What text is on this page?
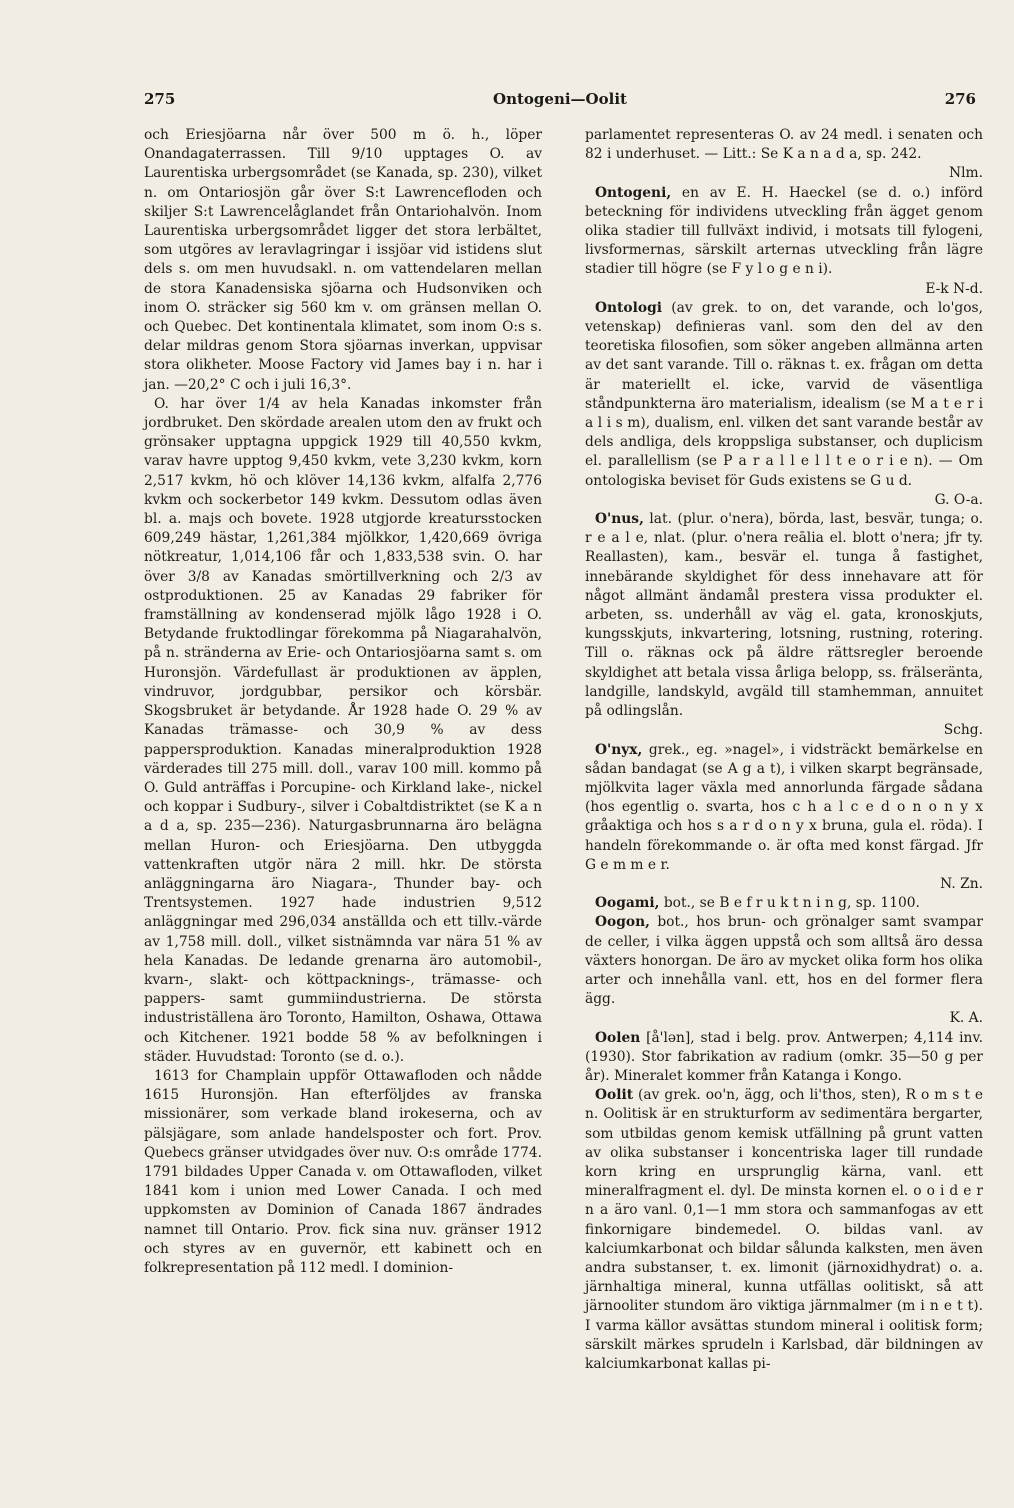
275	Ontogeni—Oolit	276

och Eriesjöarna når över 500 m ö. h., löper Onandagaterrassen. Till 9/10 upptages O. av Laurentiska urbergsområdet (se Kanada, sp. 230), vilket n. om Ontariosjön går över S:t Lawrencefloden och skiljer S:t Lawrencelåglandet från Ontariohalvön. Inom Laurentiska urbergsområdet ligger det stora lerbältet, som utgöres av leravlagringar i issjöar vid istidens slut dels s. om men huvudsakl. n. om vattendelaren mellan de stora Kanadensiska sjöarna och Hudsonviken och inom O. sträcker sig 560 km v. om gränsen mellan O. och Quebec. Det kontinentala klimatet, som inom O:s s. delar mildras genom Stora sjöarnas inverkan, uppvisar stora olikheter. Moose Factory vid James bay i n. har i jan. —20,2° C och i juli 16,3°.

O. har över 1/4 av hela Kanadas inkomster från jordbruket. Den skördade arealen utom den av frukt och grönsaker upptagna uppgick 1929 till 40,550 kvkm, varav havre upptog 9,450 kvkm, vete 3,230 kvkm, korn 2,517 kvkm, hö och klöver 14,136 kvkm, alfalfa 2,776 kvkm och sockerbetor 149 kvkm. Dessutom odlas även bl. a. majs och bovete. 1928 utgjorde kreatursstocken 609,249 hästar, 1,261,384 mjölkkor, 1,420,669 övriga nötkreatur, 1,014,106 får och 1,833,538 svin. O. har över 3/8 av Kanadas smörtillverkning och 2/3 av ostproduktionen. 25 av Kanadas 29 fabriker för framställning av kondenserad mjölk lågo 1928 i O. Betydande fruktodlingar förekomma på Niagarahalvön, på n. stränderna av Erie- och Ontariosjöarna samt s. om Huronsjön. Värdefullast är produktionen av äpplen, vindruvor, jordgubbar, persikor och körsbär. Skogsbruket är betydande. År 1928 hade O. 29 % av Kanadas trämasse- och 30,9 % av dess pappersproduktion. Kanadas mineralproduktion 1928 värderades till 275 mill. doll., varav 100 mill. kommo på O. Guld anträffas i Porcupine- och Kirkland lake-, nickel och koppar i Sudbury-, silver i Cobaltdistriktet (se K a n a d a, sp. 235—236). Naturgasbrunnarna äro belägna mellan Huron- och Eriesjöarna. Den utbyggda vattenkraften utgör nära 2 mill. hkr. De största anläggningarna äro Niagara-, Thunder bay- och Trentsystemen. 1927 hade industrien 9,512 anläggningar med 296,034 anställda och ett tillv.-värde av 1,758 mill. doll., vilket sistnämnda var nära 51 % av hela Kanadas. De ledande grenarna äro automobil-, kvarn-, slakt- och köttpacknings-, trämasse- och pappers- samt gummiindustrierna. De största industriställena äro Toronto, Hamilton, Oshawa, Ottawa och Kitchener. 1921 bodde 58 % av befolkningen i städer. Huvudstad: Toronto (se d. o.).

1613 for Champlain uppför Ottawafloden och nådde 1615 Huronsjön. Han efterföljdes av franska missionärer, som verkade bland irokeserna, och av pälsjägare, som anlade handelsposter och fort. Prov. Quebecs gränser utvidgades över nuv. O:s område 1774. 1791 bildades Upper Canada v. om Ottawafloden, vilket 1841 kom i union med Lower Canada. I och med uppkomsten av Dominion of Canada 1867 ändrades namnet till Ontario. Prov. fick sina nuv. gränser 1912 och styres av en guvernör, ett kabinett och en folkrepresentation på 112 medl. I dominion-

parlamentet representeras O. av 24 medl. i senaten och 82 i underhuset. — Litt.: Se K a n a d a, sp. 242.
Nlm.

Ontogeni, en av E. H. Haeckel (se d. o.) införd beteckning för individens utveckling från ägget genom olika stadier till fullväxt individ, i motsats till fylogeni, livsformernas, särskilt arternas utveckling från lägre stadier till högre (se F y l o g e n i).
E-k N-d.

Ontologi (av grek. to on, det varande, och lo'gos, vetenskap) definieras vanl. som den del av den teoretiska filosofien, som söker angeben allmänna arten av det sant varande. Till o. räknas t. ex. frågan om detta är materiellt el. icke, varvid de väsentliga ståndpunkterna äro materialism, idealism (se M a t e r i a l i s m), dualism, enl. vilken det sant varande består av dels andliga, dels kroppsliga substanser, och duplicism el. parallellism (se P a r a l l e l l t e o r i e n). — Om ontologiska beviset för Guds existens se G u d.
G. O-a.

O'nus, lat. (plur. o'nera), börda, last, besvär, tunga; o. r e a l e, nlat. (plur. o'nera reālia el. blott o'nera; jfr ty. Reallasten), kam., besvär el. tunga å fastighet, innebärande skyldighet för dess innehavare att för något allmänt ändamål prestera vissa produkter el. arbeten, ss. underhåll av väg el. gata, kronoskjuts, kungsskjuts, inkvartering, lotsning, rustning, rotering. Till o. räknas ock på äldre rättsregler beroende skyldighet att betala vissa årliga belopp, ss. frälseränta, landgille, landskyld, avgäld till stamhemman, annuitet på odlingslån.
Schg.

O'nyx, grek., eg. »nagel», i vidsträckt bemärkelse en sådan bandagat (se A g a t), i vilken skarpt begränsade, mjölkvita lager växla med annorlunda färgade sådana (hos egentlig o. svarta, hos c h a l c e d o n o n y x gråaktiga och hos s a r d o n y x bruna, gula el. röda). I handeln förekommande o. är ofta med konst färgad. Jfr G e m m e r.
N. Zn.

Oogami, bot., se B e f r u k t n i n g, sp. 1100.

Oogon, bot., hos brun- och grönalger samt svampar de celler, i vilka äggen uppstå och som alltså äro dessa växters honorgan. De äro av mycket olika form hos olika arter och innehålla vanl. ett, hos en del former flera ägg.
K. A.

Oolen [å'lən], stad i belg. prov. Antwerpen; 4,114 inv. (1930). Stor fabrikation av radium (omkr. 35—50 g per år). Mineralet kommer från Katanga i Kongo.

Oolit (av grek. oo'n, ägg, och li'thos, sten), R o m s t e n. Oolitisk är en strukturform av sedimentära bergarter, som utbildas genom kemisk utfällning på grunt vatten av olika substanser i koncentriska lager till rundade korn kring en ursprunglig kärna, vanl. ett mineralfragment el. dyl. De minsta kornen el. o o i d e r n a äro vanl. 0,1—1 mm stora och sammanfogas av ett finkornigare bindemedel. O. bildas vanl. av kalciumkarbonat och bildar sålunda kalksten, men även andra substanser, t. ex. limonit (järnoxidhydrat) o. a. järnhaltiga mineral, kunna utfällas oolitiskt, så att järnooliter stundom äro viktiga järnmalmer (m i n e t t). I varma källor avsättas stundom mineral i oolitisk form; särskilt märkes sprudeln i Karlsbad, där bildningen av kalciumkarbonat kallas pi-
